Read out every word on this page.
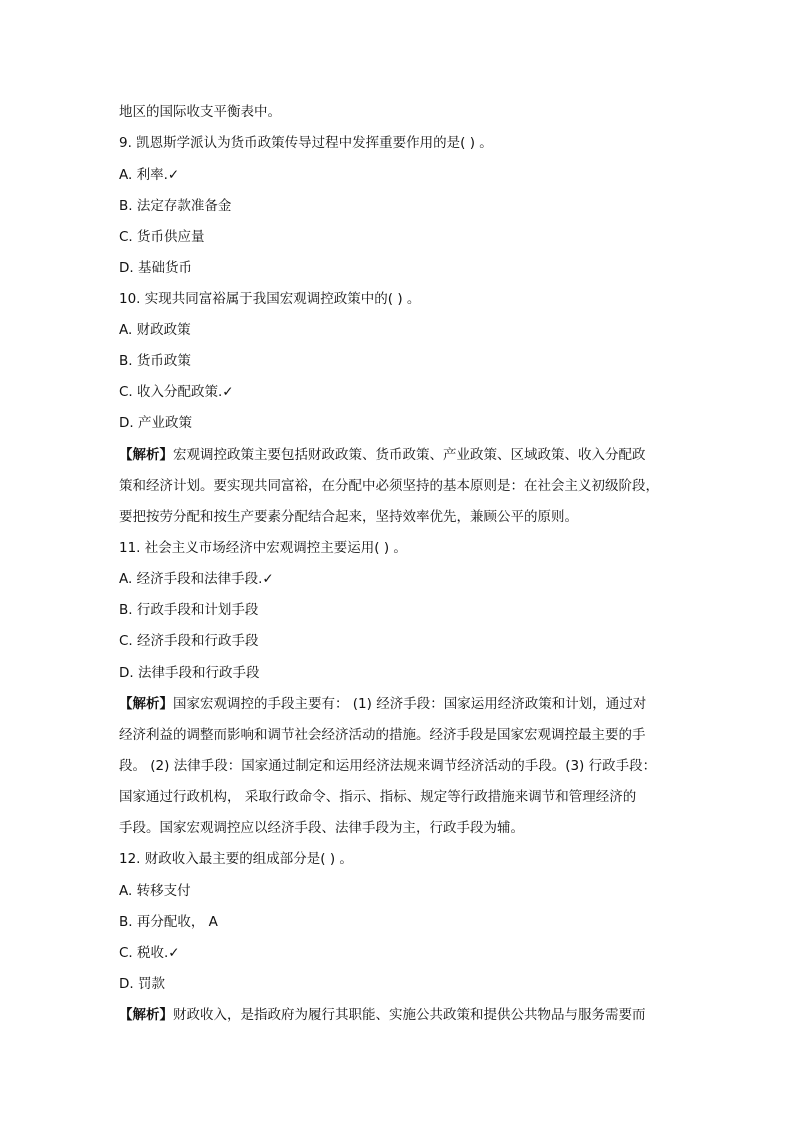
地区的国际收支平衡表中。
9. 凯恩斯学派认为货币政策传导过程中发挥重要作用的是( ) 。
A. 利率.✓
B. 法定存款准备金
C. 货币供应量
D. 基础货币
10. 实现共同富裕属于我国宏观调控政策中的( ) 。
A. 财政政策
B. 货币政策
C. 收入分配政策.✓
D. 产业政策
【解析】宏观调控政策主要包括财政政策、货币政策、产业政策、区域政策、收入分配政
策和经济计划。要实现共同富裕，在分配中必须坚持的基本原则是：在社会主义初级阶段，
要把按劳分配和按生产要素分配结合起来，坚持效率优先，兼顾公平的原则。
11. 社会主义市场经济中宏观调控主要运用( ) 。
A. 经济手段和法律手段.✓
B. 行政手段和计划手段
C. 经济手段和行政手段
D. 法律手段和行政手段
【解析】国家宏观调控的手段主要有： (1) 经济手段：国家运用经济政策和计划，通过对
经济利益的调整而影响和调节社会经济活动的措施。经济手段是国家宏观调控最主要的手
段。 (2) 法律手段：国家通过制定和运用经济法规来调节经济活动的手段。(3) 行政手段：
国家通过行政机构， 采取行政命令、指示、指标、规定等行政措施来调节和管理经济的
手段。国家宏观调控应以经济手段、法律手段为主，行政手段为辅。
12. 财政收入最主要的组成部分是( ) 。
A. 转移支付
B. 再分配收， A
C. 税收.✓
D. 罚款
【解析】财政收入，是指政府为履行其职能、实施公共政策和提供公共物品与服务需要而
